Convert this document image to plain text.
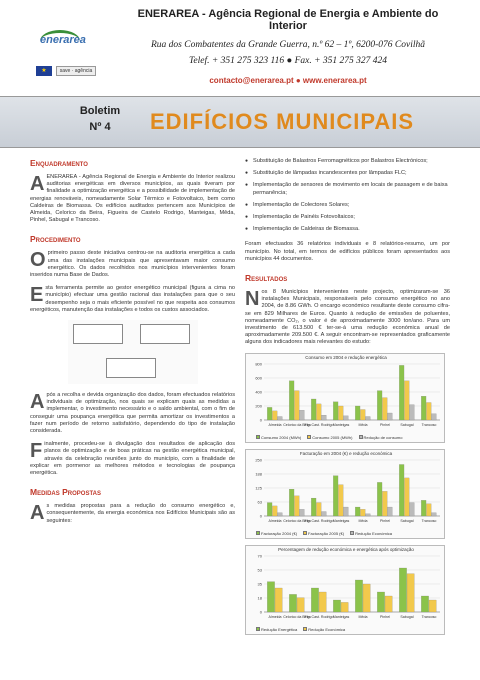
enerarea
★	save · agência
ENERAREA - Agência Regional de Energia e Ambiente do Interior
Rua dos Combatentes da Grande Guerra, n.º 62 – 1º, 6200-076 Covilhã
Telef. + 351 275 323 116 ● Fax. + 351 275 327 424
contacto@enerarea.pt ● www.enerarea.pt
Boletim
Nº 4	EDIFÍCIOS MUNICIPAIS
Enquadramento
AENERAREA - Agência Regional de Energia e Ambiente do Interior realizou auditorias energéticas em diversos municípios, as quais tiveram por finalidade a optimização energética e a possibilidade de implementação de energias renováveis, nomeadamente Solar Térmico e Fotovoltaico, bem como Caldeiras de Biomassa. Os edifícios auditados pertencem aos Municípios de Almeida, Celorico da Beira, Figueira de Castelo Rodrigo, Manteigas, Mêda, Pinhel, Sabugal e Trancoso.
Procedimento
Oprimeiro passo deste iniciativa centrou-se na auditoria energética a cada uma das instalações municipais que apresentavam maior consumo energético. Os dados recolhidos nos municípios intervenientes foram inseridos numa Base de Dados.
Esta ferramenta permite ao gestor energético municipal (figura a cima no município) efectuar uma gestão racional das instalações para que o seu desempenho seja o mais eficiente possível no que respeita aos consumos energéticos, manutenção das instalações e todos os custos associados.
Após a recolha e devida organização dos dados, foram efectuados relatórios individuais de optimização, nos quais se explicam quais as medidas a implementar, o investimento necessário e o saldo ambiental, com o fim de conseguir uma poupança energética que permita amortizar os investimentos a fazer num período de retorno satisfatório, dependendo do tipo de instalação considerada.
Finalmente, procedeu-se à divulgação dos resultados de aplicação dos planos de optimização e de boas práticas na gestão energética municipal, através da celebração reuniões junto do município, com a finalidade de explicar em pormenor as melhores métodos e tecnologias de poupança energética.
Medidas Propostas
As medidas propostas para a redução do consumo energético e, consequentemente, da energia económica nos Edifícios Municipais são as seguintes:
● Substituição de Balastros Ferromagnéticos por Balastros Electrónicos;
● Substituição de lâmpadas incandescentes por lâmpadas FLC;
● Implementação de sensores de movimento em locais de passagem e de baixa permanência;
● Implementação de Colectores Solares;
● Implementação de Painéis Fotovoltaicos;
● Implementação de Caldeiras de Biomassa.
Foram efectuados 36 relatórios individuais e 8 relatórios-resumo, um por município. No total, em termos de edifícios públicos foram apresentados aos municípios 44 documentos.
Resultados
Nos 8 Municípios intervenientes neste projecto, optimizaram-se 36 instalações Municipais, responsáveis pelo consumo energético no ano 2004, de 8.86 GWh. O encargo económico resultante deste consumo cifra-se em 829 Milhares de Euros. Quanto à redução de emissões de poluentes, nomeadamente CO₂, o valor é de aproximadamente 3000 ton/ano. Para um investimento de 613.500 € ter-se-á uma redução económica anual de aproximadamente 209.500 €. A seguir encontram-se representados graficamente alguns dos indicadores mais relevantes do estudo:
Consumo em 2004 e redução energética
0
200
400
600
800
Almeida Celorico da Beira
Fig. Cast. Rodrigo Manteigas	Mêda	Pinhel	Sabugal Trancoso
Consumo 2004 (MWh)	Consumo 2005 (MWh)	Redução de consumo
Facturação em 2004 (€) e redução económica
0
63
125
188
250
Almeida Celorico da Beira
Fig. Cast. Rodrigo Manteigas	Mêda	Pinhel	Sabugal Trancoso
Facturação 2004 (€)	Facturação 2005 (€)	Redução Económica
Percentagem de redução económica e energética após optimização
0
18
35
53
70
Almeida Celorico da Beira
Fig. Cast. Rodrigo Manteigas	Mêda	Pinhel	Sabugal Trancoso
Redução Energética	Redução Económica
